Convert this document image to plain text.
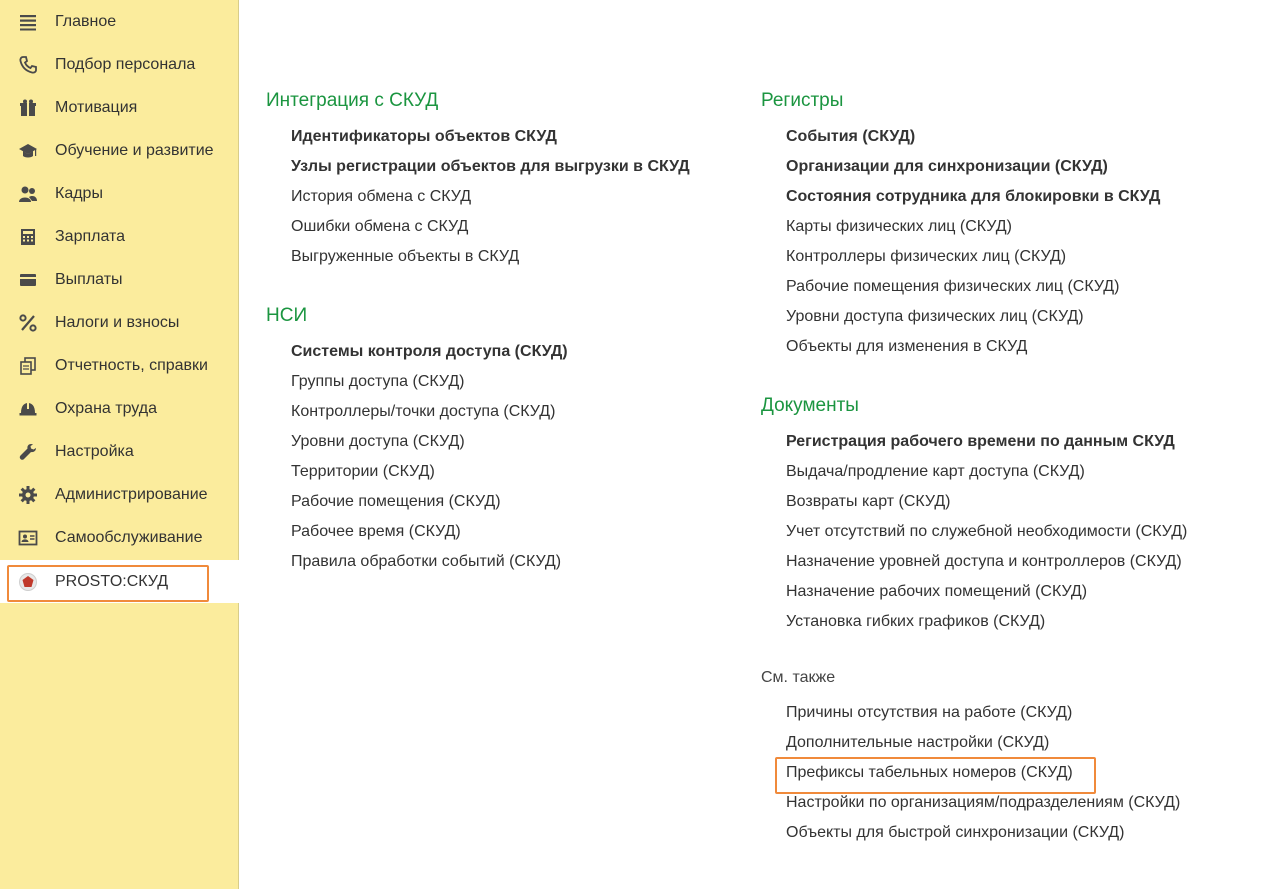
Главное
Подбор персонала
Мотивация
Обучение и развитие
Кадры
Зарплата
Выплаты
Налоги и взносы
Отчетность, справки
Охрана труда
Настройка
Администрирование
Самообслуживание
PROSTO:СКУД
Интеграция с СКУД
Идентификаторы объектов СКУД
Узлы регистрации объектов для выгрузки в СКУД
История обмена с СКУД
Ошибки обмена с СКУД
Выгруженные объекты в СКУД
НСИ
Системы контроля доступа (СКУД)
Группы доступа (СКУД)
Контроллеры/точки доступа (СКУД)
Уровни доступа (СКУД)
Территории (СКУД)
Рабочие помещения (СКУД)
Рабочее время (СКУД)
Правила обработки событий (СКУД)
Регистры
События (СКУД)
Организации для синхронизации (СКУД)
Состояния сотрудника для блокировки в СКУД
Карты физических лиц (СКУД)
Контроллеры физических лиц (СКУД)
Рабочие помещения физических лиц (СКУД)
Уровни доступа физических лиц (СКУД)
Объекты для изменения в СКУД
Документы
Регистрация рабочего времени по данным СКУД
Выдача/продление карт доступа (СКУД)
Возвраты карт (СКУД)
Учет отсутствий по служебной необходимости (СКУД)
Назначение уровней доступа и контроллеров (СКУД)
Назначение рабочих помещений (СКУД)
Установка гибких графиков (СКУД)
См. также
Причины отсутствия на работе (СКУД)
Дополнительные настройки (СКУД)
Префиксы табельных номеров (СКУД)
Настройки по организациям/подразделениям (СКУД)
Объекты для быстрой синхронизации (СКУД)
